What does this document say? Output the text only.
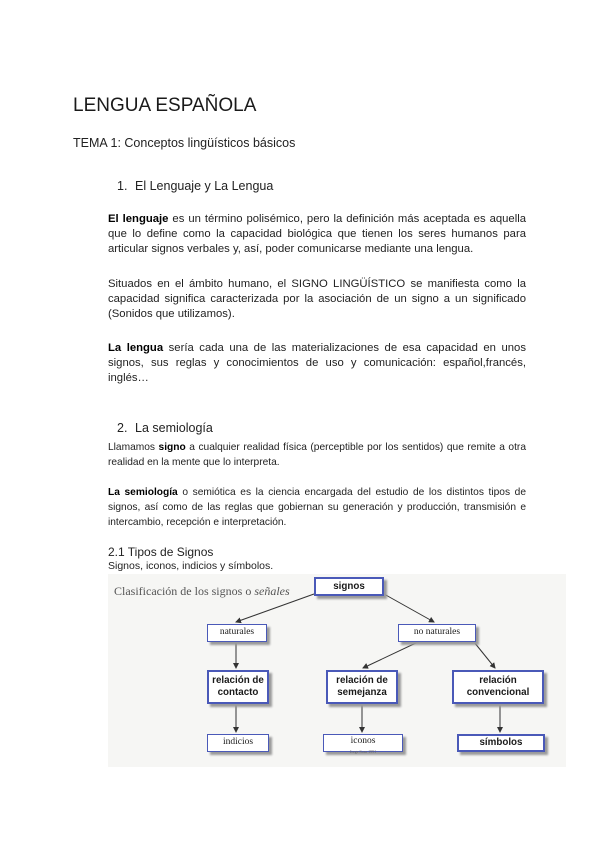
LENGUA ESPAÑOLA
TEMA 1: Conceptos lingüísticos básicos
1. El Lenguaje y La Lengua
El lenguaje es un término polisémico, pero la definición más aceptada es aquella que lo define como la capacidad biológica que tienen los seres humanos para articular signos verbales y, así, poder comunicarse mediante una lengua.
Situados en el ámbito humano, el SIGNO LINGÜÍSTICO se manifiesta como la capacidad significa caracterizada por la asociación de un signo a un significado (Sonidos que utilizamos).
La lengua sería cada una de las materializaciones de esa capacidad en unos signos, sus reglas y conocimientos de uso y comunicación: español,francés, inglés…
2. La semiología
Llamamos signo a cualquier realidad física (perceptible por los sentidos) que remite a otra realidad en la mente que lo interpreta.
La semiología o semiótica es la ciencia encargada del estudio de los distintos tipos de signos, así como de las reglas que gobiernan su generación y producción, transmisión e intercambio, recepción e interpretación.
2.1 Tipos de Signos
Signos, iconos, indicios y símbolos.
Clasificación de los signos o señales	signos
naturales	no naturales
relación de contacto
relación de semejanza
relación convencional
indicios	iconos
Jorge Sosa 1991
símbolos
